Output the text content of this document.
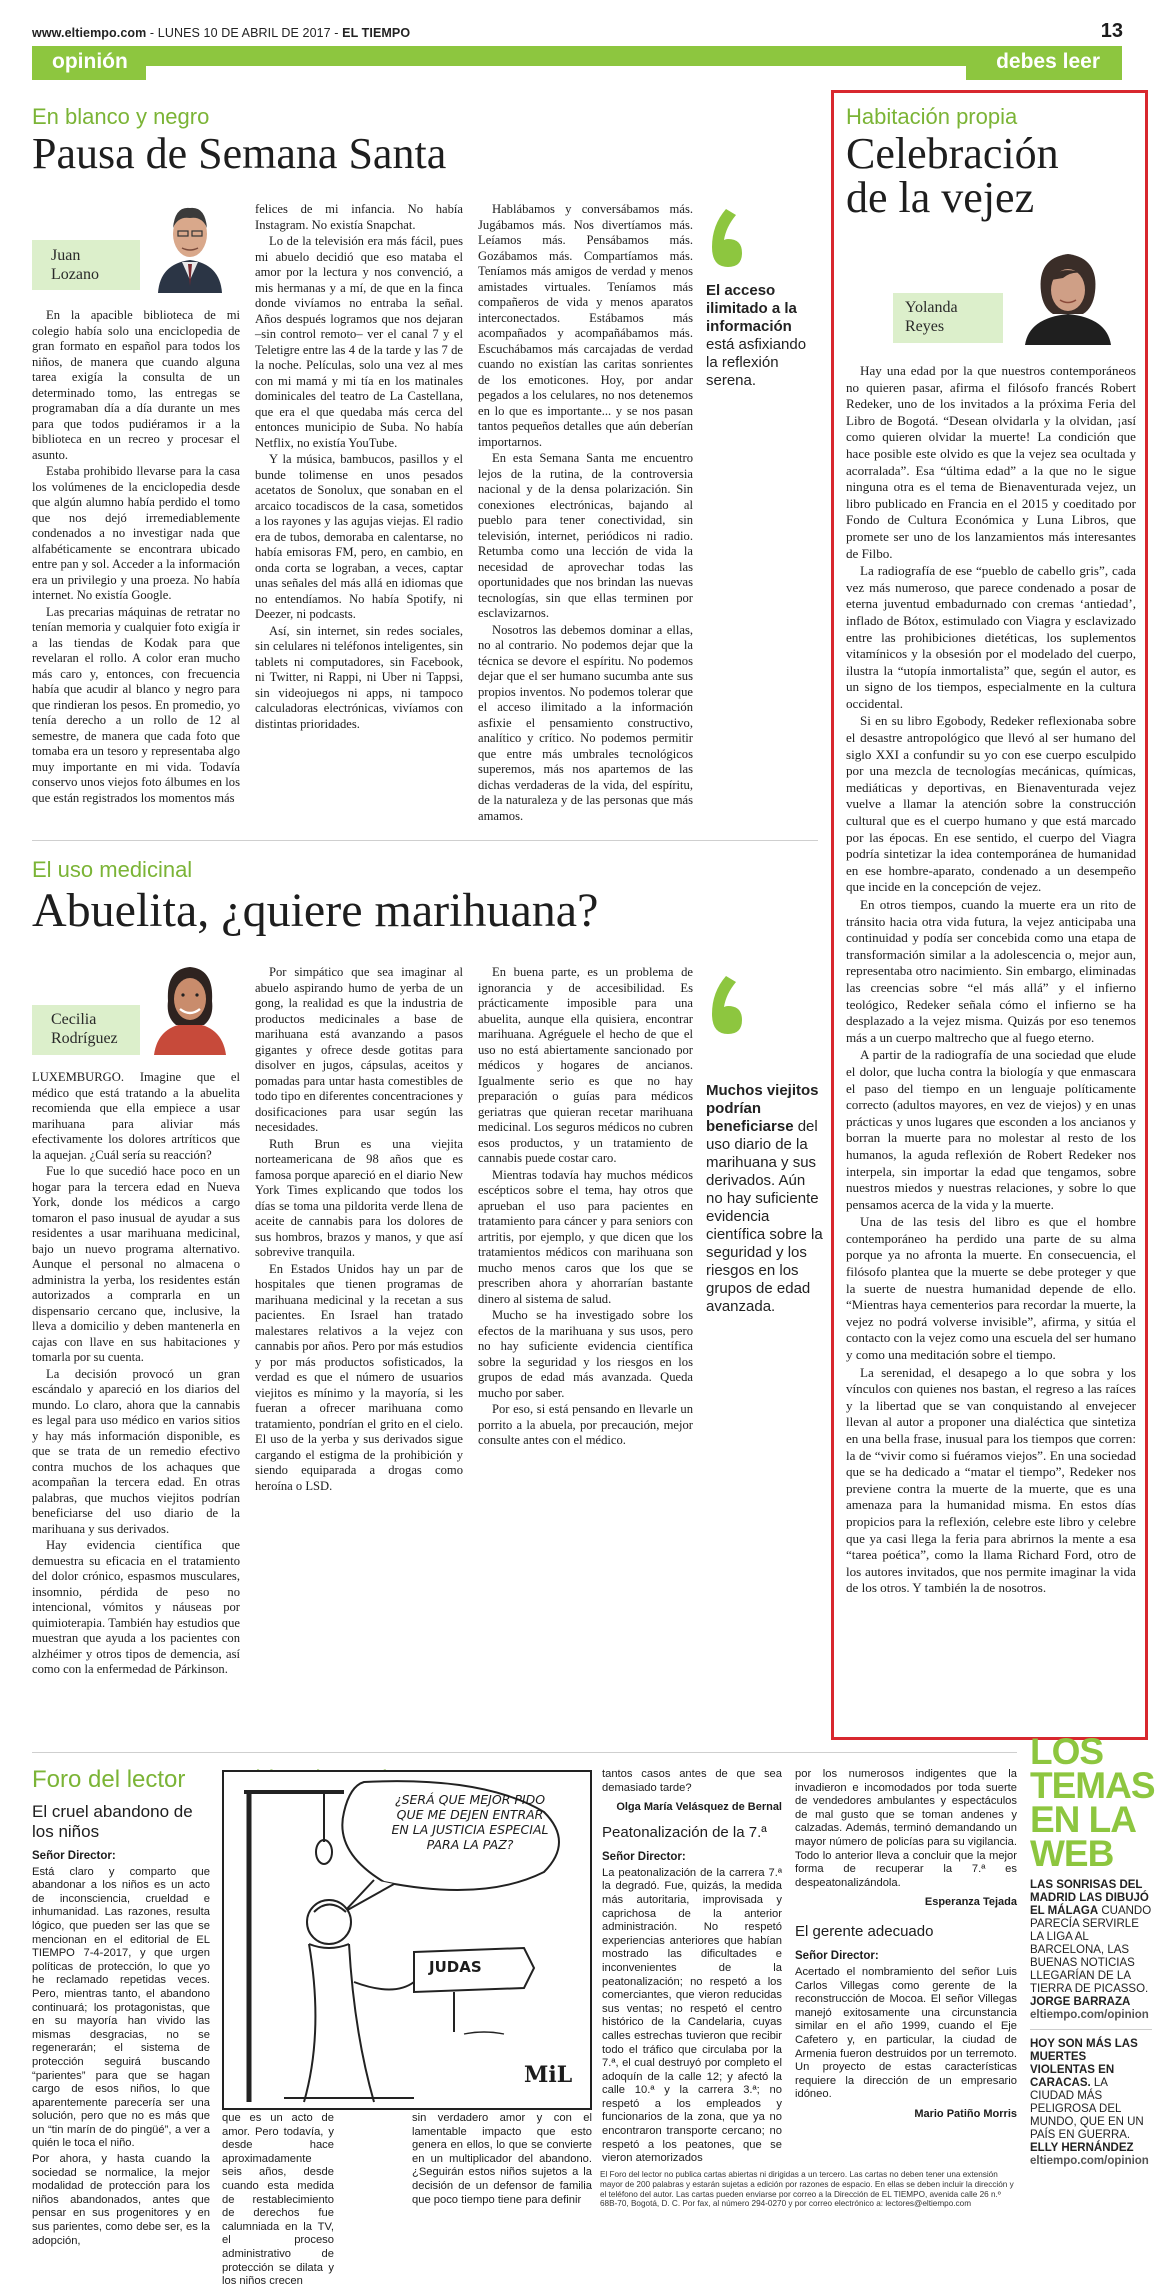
www.eltiempo.com - LUNES 10 DE ABRIL DE 2017 - EL TIEMPO	13
opinión	debes leer
En blanco y negro
Pausa de Semana Santa
Juan
Lozano

En la apacible biblioteca de mi colegio había solo una enciclopedia de gran formato en español para todos los niños, de manera que cuando alguna tarea exigía la consulta de un determinado tomo, las entregas se programaban día a día durante un mes para que todos pudiéramos ir a la biblioteca en un recreo y procesar el asunto.

Estaba prohibido llevarse para la casa los volúmenes de la enciclopedia desde que algún alumno había perdido el tomo que nos dejó irremediablemente condenados a no investigar nada que alfabéticamente se encontrara ubicado entre pan y sol. Acceder a la información era un privilegio y una proeza. No había internet. No existía Google.

Las precarias máquinas de retratar no tenían memoria y cualquier foto exigía ir a las tiendas de Kodak para que revelaran el rollo. A color eran mucho más caro y, entonces, con frecuencia había que acudir al blanco y negro para que rindieran los pesos. En promedio, yo tenía derecho a un rollo de 12 al semestre, de manera que cada foto que tomaba era un tesoro y representaba algo muy importante en mi vida. Todavía conservo unos viejos foto álbumes en los que están registrados los momentos más

felices de mi infancia. No había Instagram. No existía Snapchat.

Lo de la televisión era más fácil, pues mi abuelo decidió que eso mataba el amor por la lectura y nos convenció, a mis hermanas y a mí, de que en la finca donde vivíamos no entraba la señal. Años después logramos que nos dejaran –sin control remoto– ver el canal 7 y el Teletigre entre las 4 de la tarde y las 7 de la noche. Películas, solo una vez al mes con mi mamá y mi tía en los matinales dominicales del teatro de La Castellana, que era el que quedaba más cerca del entonces municipio de Suba. No había Netflix, no existía YouTube.

Y la música, bambucos, pasillos y el bunde tolimense en unos pesados acetatos de Sonolux, que sonaban en el arcaico tocadiscos de la casa, sometidos a los rayones y las agujas viejas. El radio era de tubos, demoraba en calentarse, no había emisoras FM, pero, en cambio, en onda corta se lograban, a veces, captar unas señales del más allá en idiomas que no entendíamos. No había Spotify, ni Deezer, ni podcasts.

Así, sin internet, sin redes sociales, sin celulares ni teléfonos inteligentes, sin tablets ni computadores, sin Facebook, ni Twitter, ni Rappi, ni Uber ni Tappsi, sin videojuegos ni apps, ni tampoco calculadoras electrónicas, vivíamos con distintas prioridades.

Hablábamos y conversábamos más. Jugábamos más. Nos divertíamos más. Leíamos más. Pensábamos más. Gozábamos más. Compartíamos más. Teníamos más amigos de verdad y menos amistades virtuales. Teníamos más compañeros de vida y menos aparatos interconectados. Estábamos más acompañados y acompañábamos más. Escuchábamos más carcajadas de verdad cuando no existían las caritas sonrientes de los emoticones. Hoy, por andar pegados a los celulares, no nos detenemos en lo que es importante... y se nos pasan tantos pequeños detalles que aún deberían importarnos.

En esta Semana Santa me encuentro lejos de la rutina, de la controversia nacional y de la densa polarización. Sin conexiones electrónicas, bajando al pueblo para tener conectividad, sin televisión, internet, periódicos ni radio. Retumba como una lección de vida la necesidad de aprovechar todas las oportunidades que nos brindan las nuevas tecnologías, sin que ellas terminen por esclavizarnos.

Nosotros las debemos dominar a ellas, no al contrario. No podemos dejar que la técnica se devore el espíritu. No podemos dejar que el ser humano sucumba ante sus propios inventos. No podemos tolerar que el acceso ilimitado a la información asfixie el pensamiento constructivo, analítico y crítico. No podemos permitir que entre más umbrales tecnológicos superemos, más nos apartemos de las dichas verdaderas de la vida, del espíritu, de la naturaleza y de las personas que más amamos.

El acceso ilimitado a la información está asfixiando la reflexión serena.
El uso medicinal
Abuelita, ¿quiere marihuana?
Cecilia
Rodríguez

LUXEMBURGO. Imagine que el médico que está tratando a la abuelita recomienda que ella empiece a usar marihuana para aliviar más efectivamente los dolores artríticos que la aquejan. ¿Cuál sería su reacción?

Fue lo que sucedió hace poco en un hogar para la tercera edad en Nueva York, donde los médicos a cargo tomaron el paso inusual de ayudar a sus residentes a usar marihuana medicinal, bajo un nuevo programa alternativo. Aunque el personal no almacena o administra la yerba, los residentes están autorizados a comprarla en un dispensario cercano que, inclusive, la lleva a domicilio y deben mantenerla en cajas con llave en sus habitaciones y tomarla por su cuenta.

La decisión provocó un gran escándalo y apareció en los diarios del mundo. Lo claro, ahora que la cannabis es legal para uso médico en varios sitios y hay más información disponible, es que se trata de un remedio efectivo contra muchos de los achaques que acompañan la tercera edad. En otras palabras, que muchos viejitos podrían beneficiarse del uso diario de la marihuana y sus derivados.

Hay evidencia científica que demuestra su eficacia en el tratamiento del dolor crónico, espasmos musculares, insomnio, pérdida de peso no intencional, vómitos y náuseas por quimioterapia. También hay estudios que muestran que ayuda a los pacientes con alzhéimer y otros tipos de demencia, así como con la enfermedad de Párkinson.

Por simpático que sea imaginar al abuelo aspirando humo de yerba de un gong, la realidad es que la industria de productos medicinales a base de marihuana está avanzando a pasos gigantes y ofrece desde gotitas para disolver en jugos, cápsulas, aceitos y pomadas para untar hasta comestibles de todo tipo en diferentes concentraciones y dosificaciones para usar según las necesidades.

Ruth Brun es una viejita norteamericana de 98 años que es famosa porque apareció en el diario New York Times explicando que todos los días se toma una pildorita verde llena de aceite de cannabis para los dolores de sus hombros, brazos y manos, y que así sobrevive tranquila.

En Estados Unidos hay un par de hospitales que tienen programas de marihuana medicinal y la recetan a sus pacientes. En Israel han tratado malestares relativos a la vejez con cannabis por años. Pero por más estudios y por más productos sofisticados, la verdad es que el número de usuarios viejitos es mínimo y la mayoría, si les fueran a ofrecer marihuana como tratamiento, pondrían el grito en el cielo. El uso de la yerba y sus derivados sigue cargando el estigma de la prohibición y siendo equiparada a drogas como heroína o LSD.

En buena parte, es un problema de ignorancia y de accesibilidad. Es prácticamente imposible para una abuelita, aunque ella quisiera, encontrar marihuana. Agréguele el hecho de que el uso no está abiertamente sancionado por médicos y hogares de ancianos. Igualmente serio es que no hay preparación o guías para médicos geriatras que quieran recetar marihuana medicinal. Los seguros médicos no cubren esos productos, y un tratamiento de cannabis puede costar caro.

Mientras todavía hay muchos médicos escépticos sobre el tema, hay otros que aprueban el uso para pacientes en tratamiento para cáncer y para seniors con artritis, por ejemplo, y que dicen que los tratamientos médicos con marihuana son mucho menos caros que los que se prescriben ahora y ahorrarían bastante dinero al sistema de salud.

Mucho se ha investigado sobre los efectos de la marihuana y sus usos, pero no hay suficiente evidencia científica sobre la seguridad y los riesgos en los grupos de edad más avanzada. Queda mucho por saber.

Por eso, si está pensando en llevarle un porrito a la abuela, por precaución, mejor consulte antes con el médico.

Muchos viejitos podrían beneficiarse del uso diario de la marihuana y sus derivados. Aún no hay suficiente evidencia científica sobre la seguridad y los riesgos en los grupos de edad avanzada.
Habitación propia
Celebración
de la vejez
Yolanda
Reyes

Hay una edad por la que nuestros contemporáneos no quieren pasar, afirma el filósofo francés Robert Redeker, uno de los invitados a la próxima Feria del Libro de Bogotá. “Desean olvidarla y la olvidan, ¡así como quieren olvidar la muerte! La condición que hace posible este olvido es que la vejez sea ocultada y acorralada”. Esa “última edad” a la que no le sigue ninguna otra es el tema de Bienaventurada vejez, un libro publicado en Francia en el 2015 y coeditado por Fondo de Cultura Económica y Luna Libros, que promete ser uno de los lanzamientos más interesantes de Filbo.

La radiografía de ese “pueblo de cabello gris”, cada vez más numeroso, que parece condenado a posar de eterna juventud embadurnado con cremas ‘antiedad’, inflado de Bótox, estimulado con Viagra y esclavizado entre las prohibiciones dietéticas, los suplementos vitamínicos y la obsesión por el modelado del cuerpo, ilustra la “utopía inmortalista” que, según el autor, es un signo de los tiempos, especialmente en la cultura occidental.

Si en su libro Egobody, Redeker reflexionaba sobre el desastre antropológico que llevó al ser humano del siglo XXI a confundir su yo con ese cuerpo esculpido por una mezcla de tecnologías mecánicas, químicas, mediáticas y deportivas, en Bienaventurada vejez vuelve a llamar la atención sobre la construcción cultural que es el cuerpo humano y que está marcado por las épocas. En ese sentido, el cuerpo del Viagra podría sintetizar la idea contemporánea de humanidad en ese hombre-aparato, condenado a un desempeño que incide en la concepción de vejez.

En otros tiempos, cuando la muerte era un rito de tránsito hacia otra vida futura, la vejez anticipaba una continuidad y podía ser concebida como una etapa de transformación similar a la adolescencia o, mejor aun, representaba otro nacimiento. Sin embargo, eliminadas las creencias sobre “el más allá” y el infierno teológico, Redeker señala cómo el infierno se ha desplazado a la vejez misma. Quizás por eso tenemos más a un cuerpo maltrecho que al fuego eterno.

A partir de la radiografía de una sociedad que elude el dolor, que lucha contra la biología y que enmascara el paso del tiempo en un lenguaje políticamente correcto (adultos mayores, en vez de viejos) y en unas prácticas y unos lugares que esconden a los ancianos y borran la muerte para no molestar al resto de los humanos, la aguda reflexión de Robert Redeker nos interpela, sin importar la edad que tengamos, sobre nuestros miedos y nuestras relaciones, y sobre lo que pensamos acerca de la vida y la muerte.

Una de las tesis del libro es que el hombre contemporáneo ha perdido una parte de su alma porque ya no afronta la muerte. En consecuencia, el filósofo plantea que la muerte se debe proteger y que la suerte de nuestra humanidad depende de ello. “Mientras haya cementerios para recordar la muerte, la vejez no podrá volverse invisible”, afirma, y sitúa el contacto con la vejez como una escuela del ser humano y como una meditación sobre el tiempo.

La serenidad, el desapego a lo que sobra y los vínculos con quienes nos bastan, el regreso a las raíces y la libertad que se van conquistando al envejecer llevan al autor a proponer una dialéctica que sintetiza en una bella frase, inusual para los tiempos que corren: la de “vivir como si fuéramos viejos”. En una sociedad que se ha dedicado a “matar el tiempo”, Redeker nos previene contra la muerte de la muerte, que es una amenaza para la humanidad misma. En estos días propicios para la reflexión, celebre este libro y celebre que ya casi llega la feria para abrirnos la mente a esa “tarea poética”, como la llama Richard Ford, otro de los autores invitados, que nos permite imaginar la vida de los otros. Y también la de nosotros.

Foro del lector
El cruel abandono de los niños

Señor Director:

Está claro y comparto que abandonar a los niños es un acto de inconsciencia, crueldad e inhumanidad. Las razones, resulta lógico, que pueden ser las que se mencionan en el editorial de EL TIEMPO 7-4-2017, y que urgen políticas de protección, lo que yo he reclamado repetidas veces. Pero, mientras tanto, el abandono continuará; los protagonistas, que en su mayoría han vivido las mismas desgracias, no se regenerarán; el sistema de protección seguirá buscando “parientes” para que se hagan cargo de esos niños, lo que aparentemente parecería ser una solución, pero que no es más que un “tin marín de do pingüé”, a ver a quién le toca el niño.

Por ahora, y hasta cuando la sociedad se normalice, la mejor modalidad de protección para los niños abandonados, antes que pensar en sus progenitores y en sus parientes, como debe ser, es la adopción,

¿SERÁ QUE MEJOR PIDO QUE ME DEJEN ENTRAR EN LA JUSTICIA ESPECIAL PARA LA PAZ?
JUDAS
MiL
que es un acto de amor. Pero todavía, y desde hace aproximadamente seis años, desde cuando esta medida de restablecimiento de derechos fue calumniada en la TV, el proceso administrativo de protección se dilata y los niños crecen
sin verdadero amor y con el lamentable impacto que esto genera en ellos, lo que se convierte en un multiplicador del abandono. ¿Seguirán estos niños sujetos a la decisión de un defensor de familia que poco tiempo tiene para definir
tantos casos antes de que sea demasiado tarde?
Olga María Velásquez de Bernal
Peatonalización de la 7.ª

Señor Director:

La peatonalización de la carrera 7.ª la degradó. Fue, quizás, la medida más autoritaria, improvisada y caprichosa de la anterior administración. No respetó experiencias anteriores que habían mostrado las dificultades e inconvenientes de la peatonalización; no respetó a los comerciantes, que vieron reducidas sus ventas; no respetó el centro histórico de la Candelaria, cuyas calles estrechas tuvieron que recibir todo el tráfico que circulaba por la 7.ª, el cual destruyó por completo el adoquín de la calle 12; y afectó la calle 10.ª y la carrera 3.ª; no respetó a los empleados y funcionarios de la zona, que ya no encontraron transporte cercano; no respetó a los peatones, que se vieron atemorizados

por los numerosos indigentes que la invadieron e incomodados por toda suerte de vendedores ambulantes y espectáculos de mal gusto que se toman andenes y calzadas. Además, terminó demandando un mayor número de policías para su vigilancia. Todo lo anterior lleva a concluir que la mejor forma de recuperar la 7.ª es despeatonalizándola.
Esperanza Tejada
El gerente adecuado

Señor Director:

Acertado el nombramiento del señor Luis Carlos Villegas como gerente de la reconstrucción de Mocoa. El señor Villegas manejó exitosamente una circunstancia similar en el año 1999, cuando el Eje Cafetero y, en particular, la ciudad de Armenia fueron destruidos por un terremoto. Un proyecto de estas características requiere la dirección de un empresario idóneo.

Mario Patiño Morris
El Foro del lector no publica cartas abiertas ni dirigidas a un tercero. Las cartas no deben tener una extensión mayor de 200 palabras y estarán sujetas a edición por razones de espacio. En ellas se deben incluir la dirección y el teléfono del autor. Las cartas pueden enviarse por correo a la Dirección de EL TIEMPO, avenida calle 26 n.º 68B-70, Bogotá, D. C. Por fax, al número 294-0270 y por correo electrónico a: lectores@eltiempo.com
LOS
TEMAS
EN LA
WEB
LAS SONRISAS DEL MADRID LAS DIBUJÓ EL MÁLAGA CUANDO PARECÍA SERVIRLE LA LIGA AL BARCELONA, LAS BUENAS NOTICIAS LLEGARÍAN DE LA TIERRA DE PICASSO. JORGE BARRAZA
eltiempo.com/opinion
HOY SON MÁS LAS MUERTES VIOLENTAS EN CARACAS. LA CIUDAD MÁS PELIGROSA DEL MUNDO, QUE EN UN PAÍS EN GUERRA. ELLY HERNÁNDEZ
eltiempo.com/opinion
